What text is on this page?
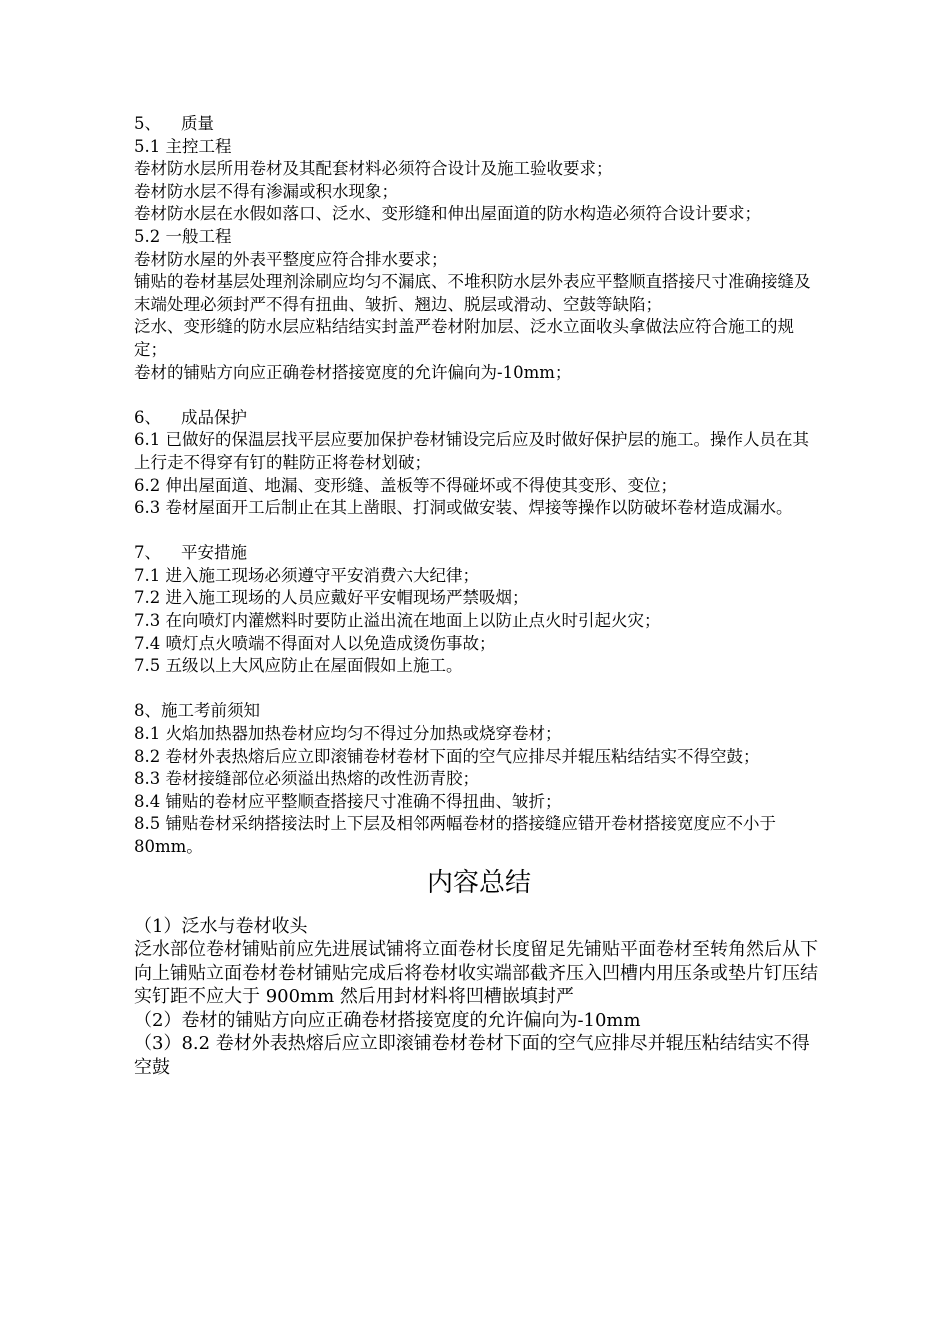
5、 质量
5.1 主控工程
卷材防水层所用卷材及其配套材料必须符合设计及施工验收要求；
卷材防水层不得有渗漏或积水现象；
卷材防水层在水假如落口、泛水、变形缝和伸出屋面道的防水构造必须符合设计要求；
5.2 一般工程
卷材防水屋的外表平整度应符合排水要求；
铺贴的卷材基层处理剂涂刷应均匀不漏底、不堆积防水层外表应平整顺直搭接尺寸准确接缝及末端处理必须封严不得有扭曲、皱折、翘边、脱层或滑动、空鼓等缺陷；
泛水、变形缝的防水层应粘结结实封盖严卷材附加层、泛水立面收头拿做法应符合施工的规定；
卷材的铺贴方向应正确卷材搭接宽度的允许偏向为-10mm；
6、 成品保护
6.1 已做好的保温层找平层应要加保护卷材铺设完后应及时做好保护层的施工。操作人员在其上行走不得穿有钉的鞋防正将卷材划破；
6.2 伸出屋面道、地漏、变形缝、盖板等不得碰坏或不得使其变形、变位；
6.3 卷材屋面开工后制止在其上凿眼、打洞或做安装、焊接等操作以防破坏卷材造成漏水。
7、 平安措施
7.1 进入施工现场必须遵守平安消费六大纪律；
7.2 进入施工现场的人员应戴好平安帽现场严禁吸烟；
7.3 在向喷灯内灌燃料时要防止溢出流在地面上以防止点火时引起火灾；
7.4 喷灯点火喷端不得面对人以免造成烫伤事故；
7.5 五级以上大风应防止在屋面假如上施工。
8、施工考前须知
8.1 火焰加热器加热卷材应均匀不得过分加热或烧穿卷材；
8.2 卷材外表热熔后应立即滚铺卷材卷材下面的空气应排尽并辊压粘结结实不得空鼓；
8.3 卷材接缝部位必须溢出热熔的改性沥青胶；
8.4 铺贴的卷材应平整顺查搭接尺寸准确不得扭曲、皱折；
8.5 铺贴卷材采纳搭接法时上下层及相邻两幅卷材的搭接缝应错开卷材搭接宽度应不小于 80mm。
内容总结
（1）泛水与卷材收头
泛水部位卷材铺贴前应先进展试铺将立面卷材长度留足先铺贴平面卷材至转角然后从下向上铺贴立面卷材卷材铺贴完成后将卷材收实端部截齐压入凹槽内用压条或垫片钉压结实钉距不应大于 900mm 然后用封材料将凹槽嵌填封严
（2）卷材的铺贴方向应正确卷材搭接宽度的允许偏向为-10mm
（3）8.2 卷材外表热熔后应立即滚铺卷材卷材下面的空气应排尽并辊压粘结结实不得空鼓
